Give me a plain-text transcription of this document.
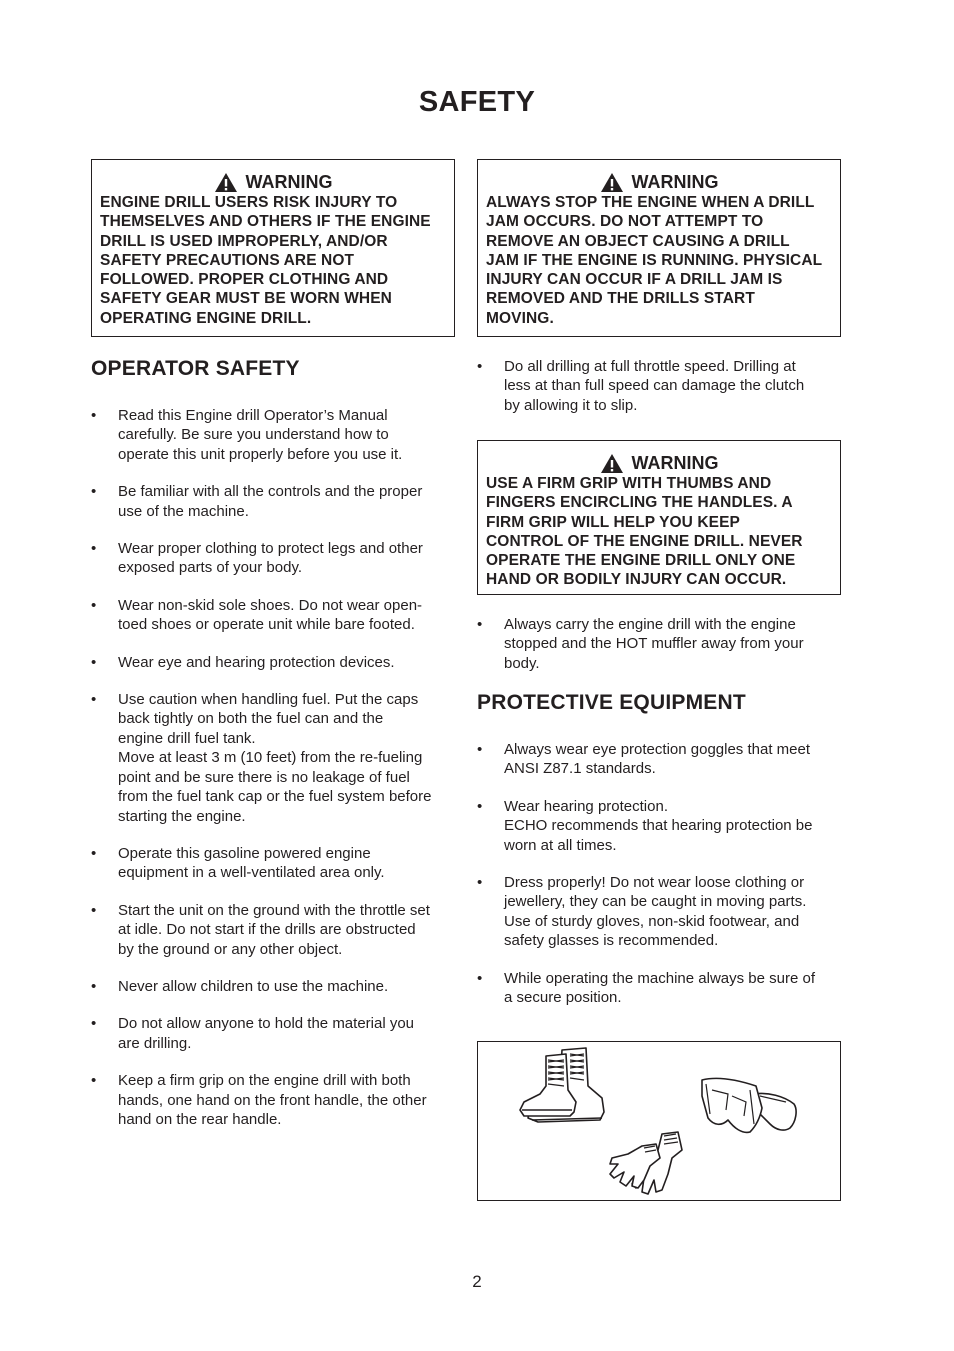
SAFETY
WARNING
ENGINE DRILL USERS RISK INJURY TO
THEMSELVES AND OTHERS IF THE ENGINE
DRILL IS USED IMPROPERLY, AND/OR
SAFETY PRECAUTIONS ARE NOT
FOLLOWED. PROPER CLOTHING AND
SAFETY GEAR MUST BE WORN WHEN
OPERATING ENGINE DRILL.
WARNING
ALWAYS STOP THE ENGINE WHEN A DRILL
JAM OCCURS. DO NOT ATTEMPT TO
REMOVE AN OBJECT CAUSING A DRILL
JAM IF THE ENGINE IS RUNNING. PHYSICAL
INJURY CAN OCCUR IF A DRILL JAM IS
REMOVED AND THE DRILLS START
MOVING.
OPERATOR SAFETY
• Read this Engine drill Operator’s Manual
carefully. Be sure you understand how to
operate this unit properly before you use it.
• Be familiar with all the controls and the proper
use of the machine.
• Wear proper clothing to protect legs and other
exposed parts of your body.
• Wear non-skid sole shoes. Do not wear open-
toed shoes or operate unit while bare footed.
• Wear eye and hearing protection devices.
• Use caution when handling fuel. Put the caps
back tightly on both the fuel can and the
engine drill fuel tank.
Move at least 3 m (10 feet) from the re-fueling
point and be sure there is no leakage of fuel
from the fuel tank cap or the fuel system before
starting the engine.
• Operate this gasoline powered engine
equipment in a well-ventilated area only.
• Start the unit on the ground with the throttle set
at idle. Do not start if the drills are obstructed
by the ground or any other object.
• Never allow children to use the machine.
• Do not allow anyone to hold the material you
are drilling.
• Keep a firm grip on the engine drill with both
hands, one hand on the front handle, the other
hand on the rear handle.
• Do all drilling at full throttle speed. Drilling at
less at than full speed can damage the clutch
by allowing it to slip.
WARNING
USE A FIRM GRIP WITH THUMBS AND
FINGERS ENCIRCLING THE HANDLES. A
FIRM GRIP WILL HELP YOU KEEP
CONTROL OF THE ENGINE DRILL. NEVER
OPERATE THE ENGINE DRILL ONLY ONE
HAND OR BODILY INJURY CAN OCCUR.
• Always carry the engine drill with the engine
stopped and the HOT muffler away from your
body.
PROTECTIVE EQUIPMENT
• Always wear eye protection goggles that meet
ANSI Z87.1 standards.
• Wear hearing protection.
ECHO recommends that hearing protection be
worn at all times.
• Dress properly! Do not wear loose clothing or
jewellery, they can be caught in moving parts.
Use of sturdy gloves, non-skid footwear, and
safety glasses is recommended.
• While operating the machine always be sure of
a secure position.
2
